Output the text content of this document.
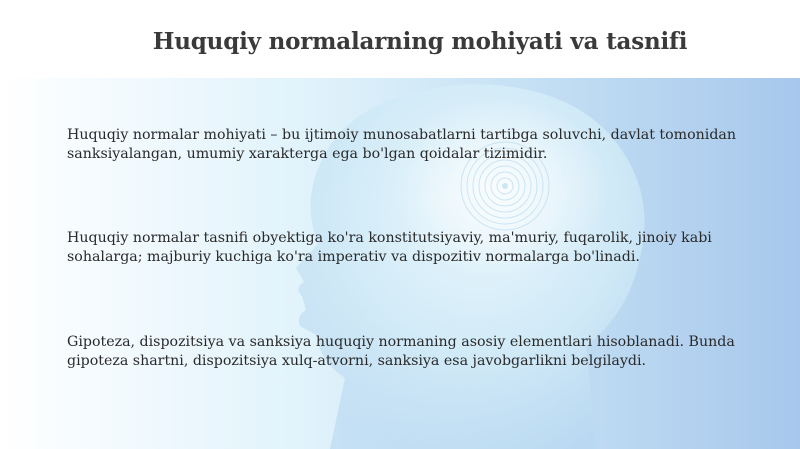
Huquqiy normalarning mohiyati va tasnifi

Huquqiy normalar mohiyati – bu ijtimoiy munosabatlarni tartibga soluvchi, davlat tomonidan sanksiyalangan, umumiy xarakterga ega bo'lgan qoidalar tizimidir.

Huquqiy normalar tasnifi obyektiga ko'ra konstitutsiyaviy, ma'muriy, fuqarolik, jinoiy kabi sohalarga; majburiy kuchiga ko'ra imperativ va dispozitiv normalarga bo'linadi.

Gipoteza, dispozitsiya va sanksiya huquqiy normaning asosiy elementlari hisoblanadi. Bunda gipoteza shartni, dispozitsiya xulq-atvorni, sanksiya esa javobgarlikni belgilaydi.
